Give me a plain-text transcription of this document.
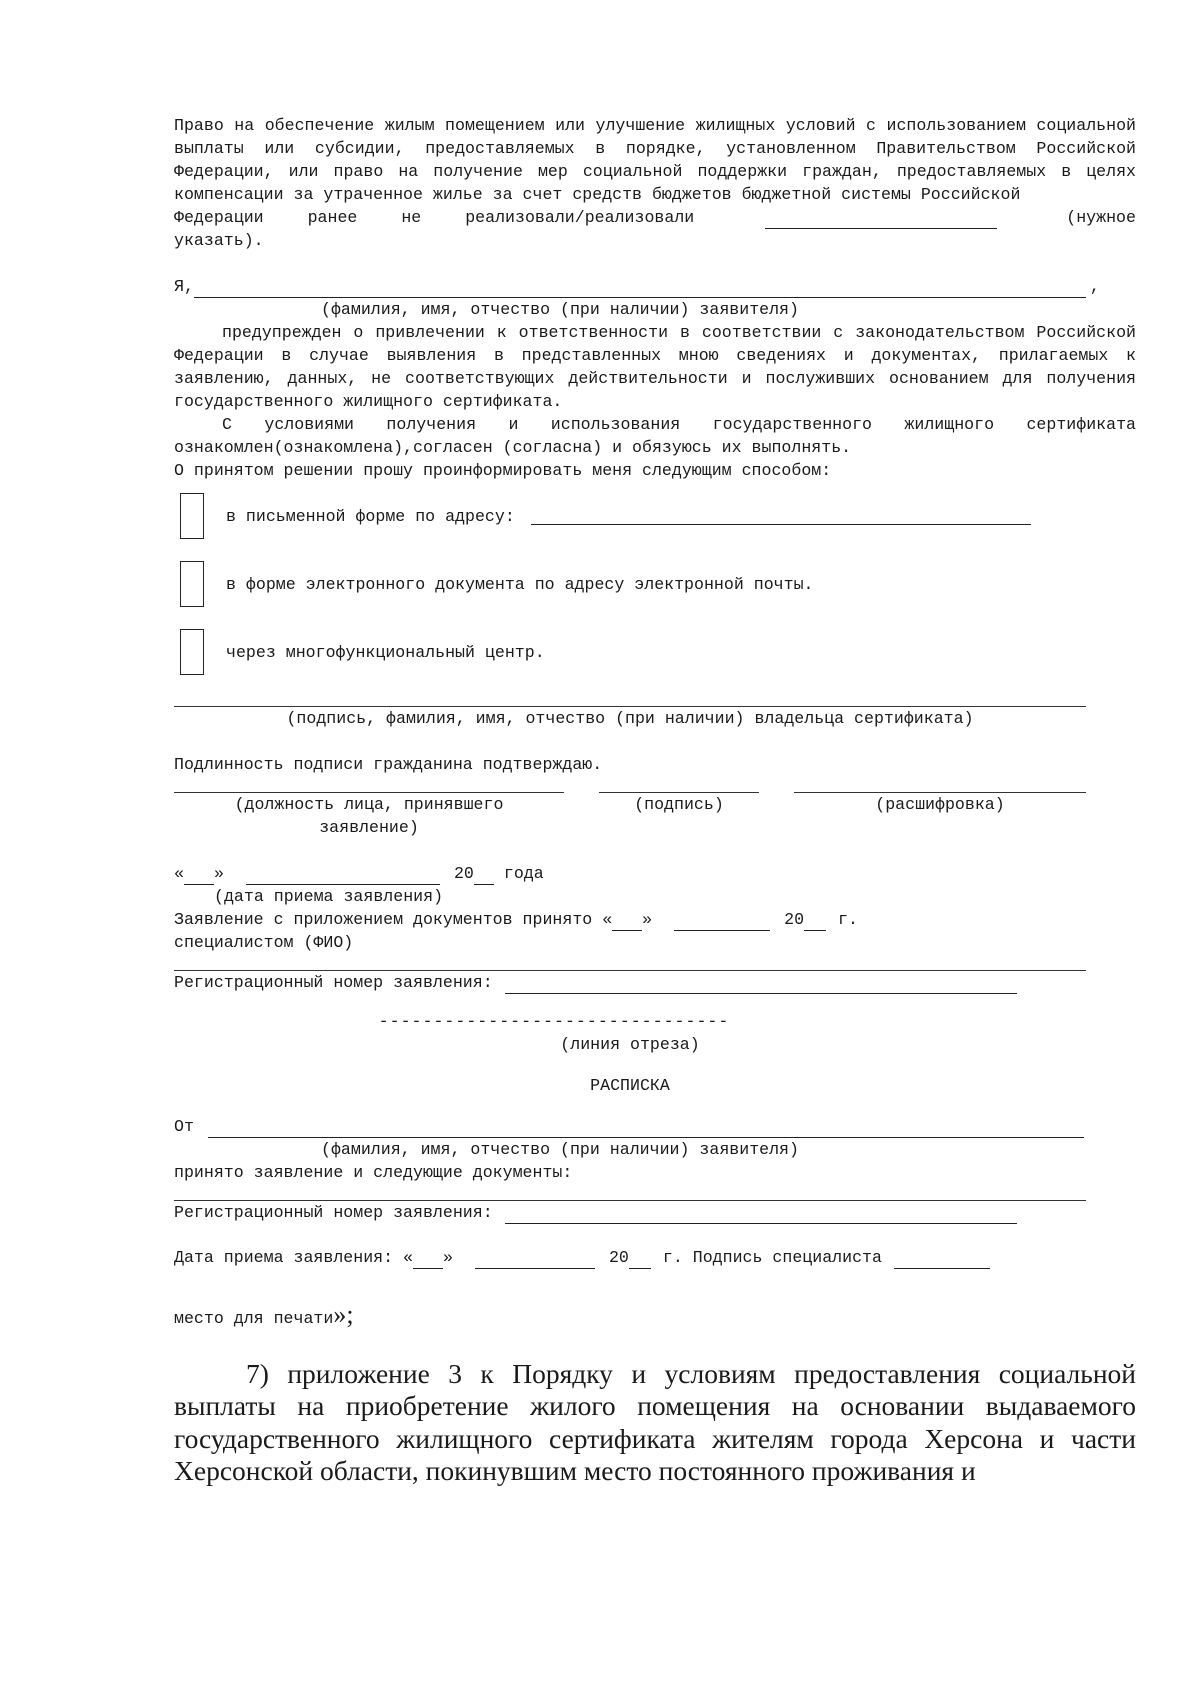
Право на обеспечение жилым помещением или улучшение жилищных условий с использованием социальной выплаты или субсидии, предоставляемых в порядке, установленном Правительством Российской Федерации, или право на получение мер социальной поддержки граждан, предоставляемых в целях компенсации за утраченное жилье за счет средств бюджетов бюджетной системы Российской

Федерации ранее не реализовали/реализовали	(нужное
указать).
Я,	,
(фамилия, имя, отчество (при наличии) заявителя)

предупрежден о привлечении к ответственности в соответствии с законодательством Российской Федерации в случае выявления в представленных мною сведениях и документах, прилагаемых к заявлению, данных, не соответствующих действительности и послуживших основанием для получения государственного жилищного сертификата.

С условиями получения и использования государственного жилищного сертификата ознакомлен(ознакомлена),согласен (согласна) и обязуюсь их выполнять.

О принятом решении прошу проинформировать меня следующим способом:
в письменной форме по адресу:
в форме электронного документа по адресу электронной почты.
через многофункциональный центр.
(подпись, фамилия, имя, отчество (при наличии) владельца сертификата)
Подлинность подписи гражданина подтверждаю.
(должность лица, принявшего
заявление)
(подпись)	(расшифровка)
« »	20 года
(дата приема заявления)
Заявление с приложением документов принято « »	20 г.
специалистом (ФИО)
Регистрационный номер заявления:
--------------------------------
(линия отреза)
РАСПИСКА
От
(фамилия, имя, отчество (при наличии) заявителя)
принято заявление и следующие документы:
Регистрационный номер заявления:
Дата приема заявления: « »	20 г. Подпись специалиста
место для печати»;

7) приложение 3 к Порядку и условиям предоставления социальной выплаты на приобретение жилого помещения на основании выдаваемого государственного жилищного сертификата жителям города Херсона и части Херсонской области, покинувшим место постоянного проживания и
